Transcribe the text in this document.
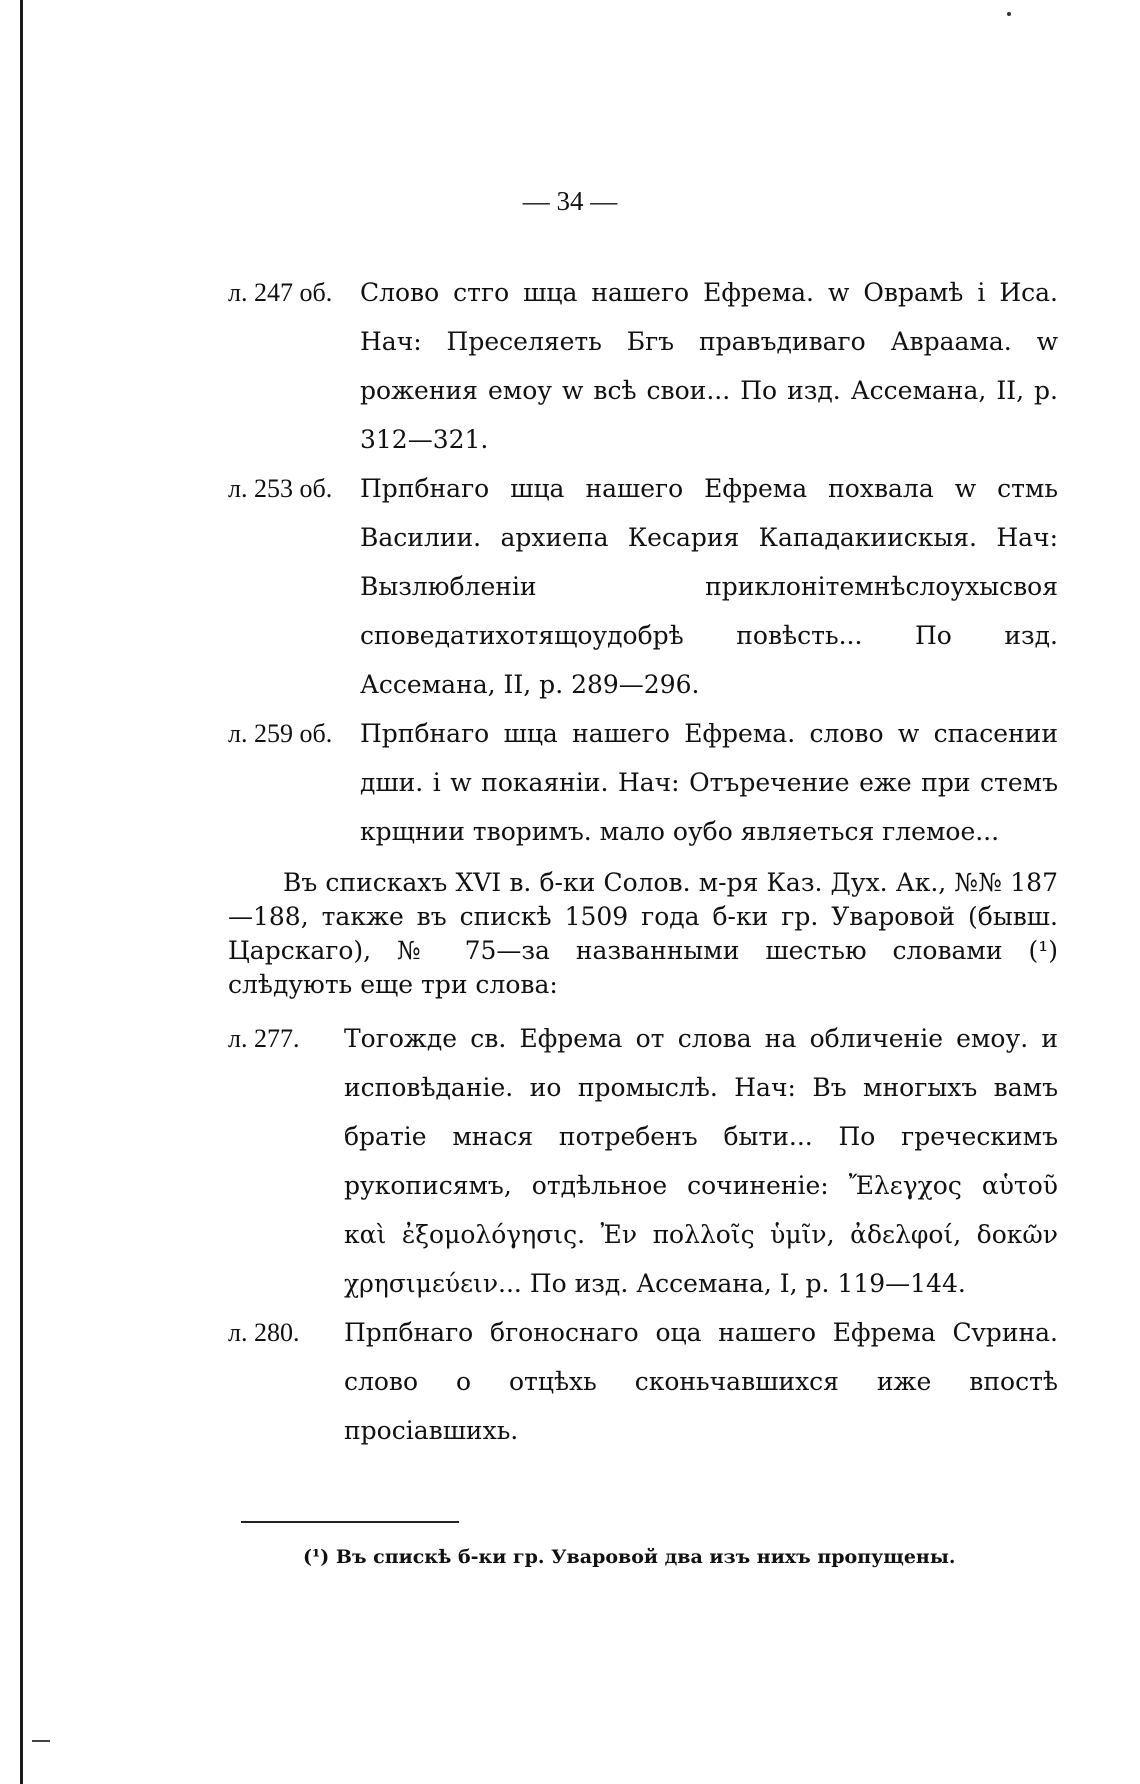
— 34 —
л. 247 об.	Слово стго шца нашего Ефрема. w Оврамѣ і Иса. Нач: Преселяеть Бгъ правъдиваго Авраама. w рожения емоу w всѣ свои... По изд. Ассемана, II, р. 312—321.
л. 253 об.	Прпбнаго шца нашего Ефрема похвала w стмь Василии. архиепа Кесария Кападакиискыя. Нач: Вызлюбленіи приклонітемнѣслоухысвоя споведатихотящоудобрѣ повѣсть... По изд. Ассемана, II, р. 289—296.
л. 259 об.	Прпбнаго шца нашего Ефрема. слово w спасении дши. і w покаяніи. Нач: Отъречение еже при стемъ крщнии творимъ. мало оубо являеться глемое...
Въ спискахъ XVI в. б-ки Солов. м-ря Каз. Дух. Ак., №№ 187—188, также въ спискѣ 1509 года б-ки гр. Уваровой (бывш. Царскаго), № 75—за названными шестью словами (¹) слѣдують еще три слова:
л. 277.	Тогожде св. Ефрема от слова на обличеніе емоу. и исповѣданіе. ио промыслѣ. Нач: Въ многыхъ вамъ братіе мнася потребенъ быти... По греческимъ рукописямъ, отдѣльное сочиненіе: Ἔλεγχος αὑτοῦ καὶ ἐξομολόγησις. Ἐν πολλοῖς ὑμῖν, ἀδελφοί, δοκῶν χρησιμεύειν... По изд. Ассемана, I, р. 119—144.
л. 280.	Прпбнаго бгоноснаго оца нашего Ефрема Сvрина. слово о отцѣхь сконьчавшихся иже впостѣ просіавшихь.
(¹) Въ спискѣ б-ки гр. Уваровой два изъ нихъ пропущены.
